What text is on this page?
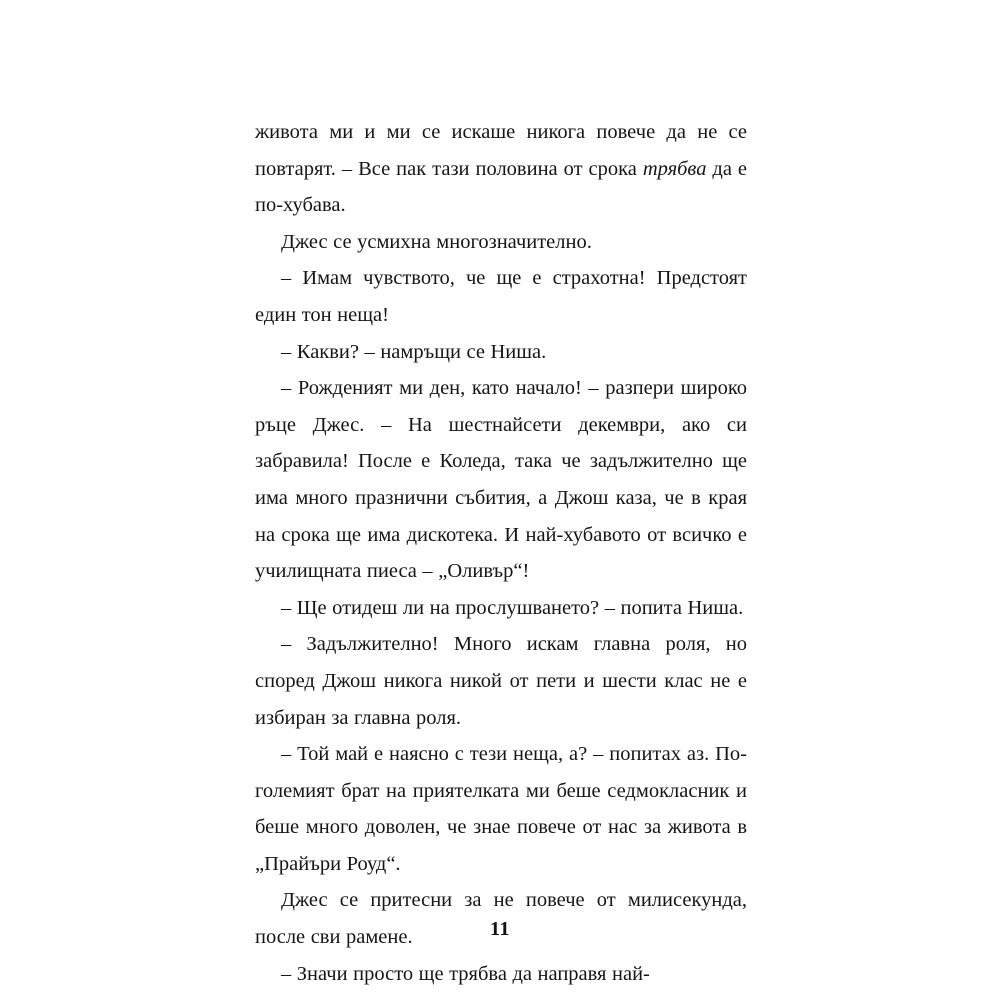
живота ми и ми се искаше никога повече да не се повтарят. – Все пак тази половина от срока трябва да е по-хубава.

Джес се усмихна многозначително.

– Имам чувството, че ще е страхотна! Предстоят един тон неща!

– Какви? – намръщи се Ниша.

– Рожденият ми ден, като начало! – разпери широко ръце Джес. – На шестнайсети декември, ако си забравила! После е Коледа, така че задължително ще има много празнични събития, а Джош каза, че в края на срока ще има дискотека. И най-хубавото от всичко е училищната пиеса – „Оливър“!

– Ще отидеш ли на прослушването? – попита Ниша.

– Задължително! Много искам главна роля, но според Джош никога никой от пети и шести клас не е избиран за главна роля.

– Той май е наясно с тези неща, а? – попитах аз. По-големият брат на приятелката ми беше седмокласник и беше много доволен, че знае повече от нас за живота в „Прайъри Роуд“.

Джес се притесни за не повече от милисекунда, после сви рамене.

– Значи просто ще трябва да направя най-

11
